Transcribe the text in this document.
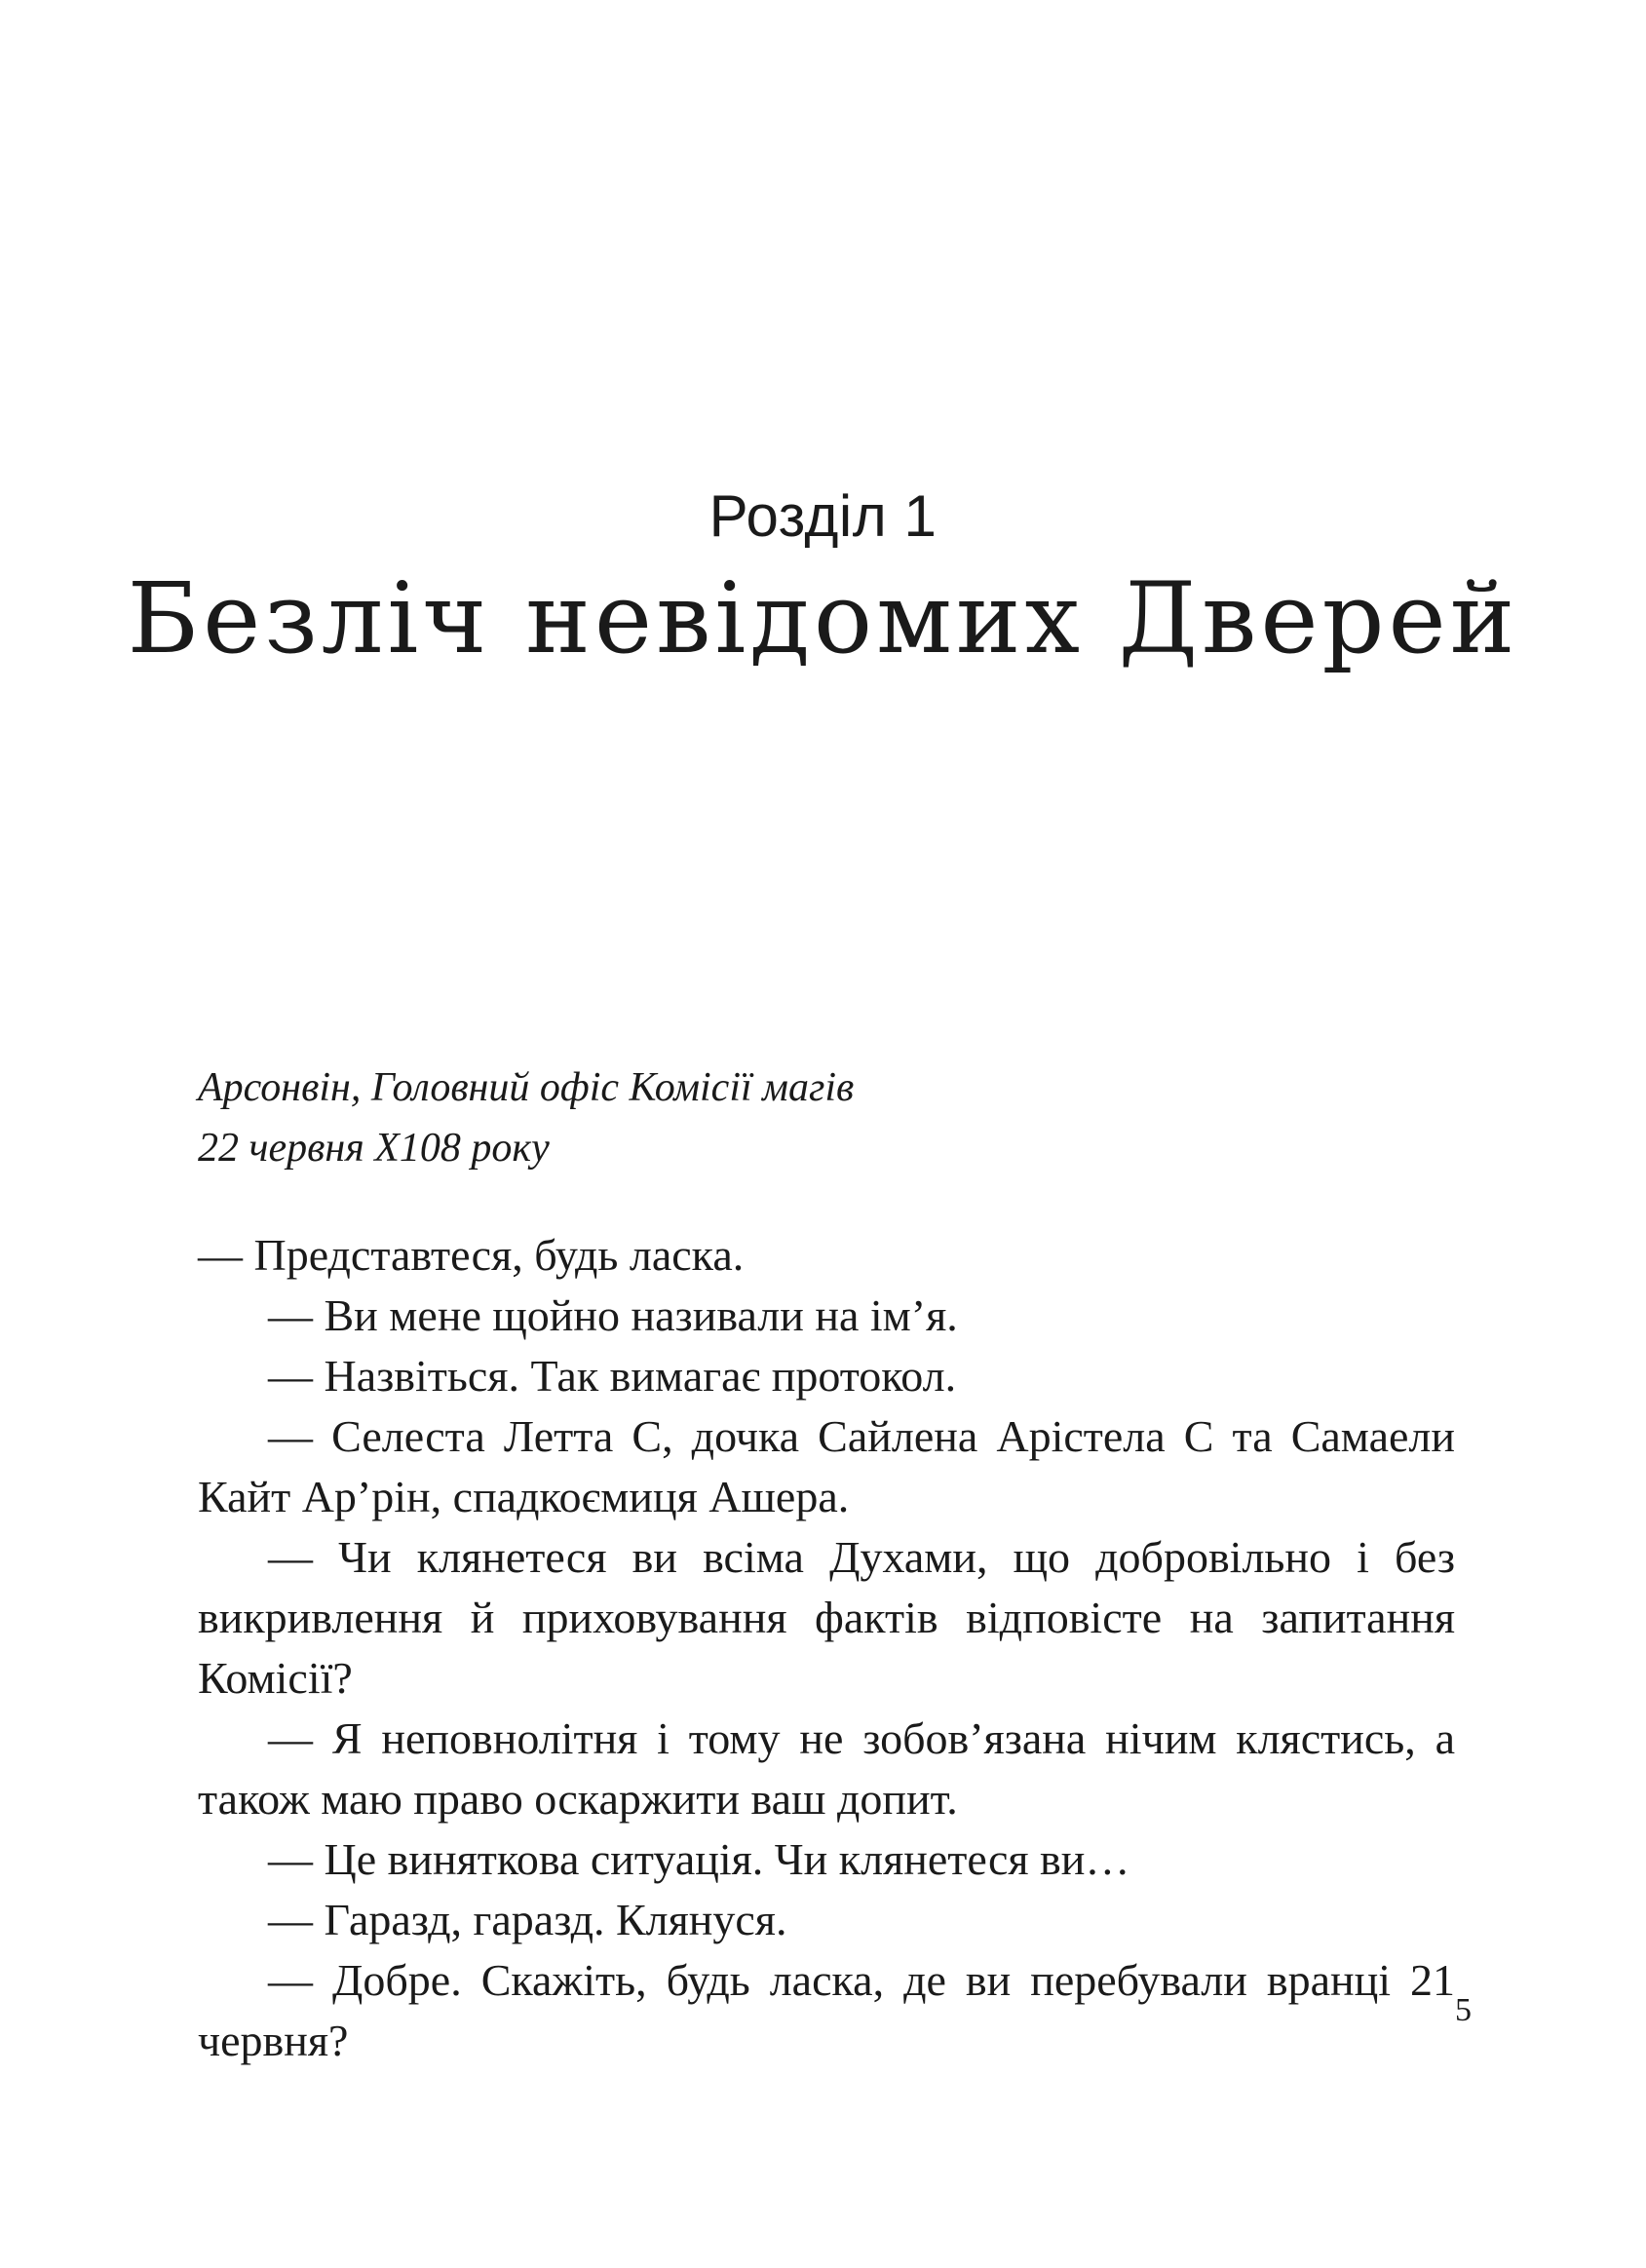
Розділ 1
Безліч невідомих Дверей
Арсонвін, Головний офіс Комісії магів
22 червня Х108 року

— Представтеся, будь ласка.

— Ви мене щойно називали на ім’я.

— Назвіться. Так вимагає протокол.

— Селеста Летта С, дочка Сайлена Арістела С та Самаели Кайт Ар’рін, спадкоємиця Ашера.

— Чи клянетеся ви всіма Духами, що добровільно і без викривлення й приховування фактів відповісте на запитання Комісії?

— Я неповнолітня і тому не зобов’язана нічим клястись, а також маю право оскаржити ваш допит.

— Це виняткова ситуація. Чи клянетеся ви…

— Гаразд, гаразд. Клянуся.

— Добре. Скажіть, будь ласка, де ви перебували вранці 21 червня?

5
